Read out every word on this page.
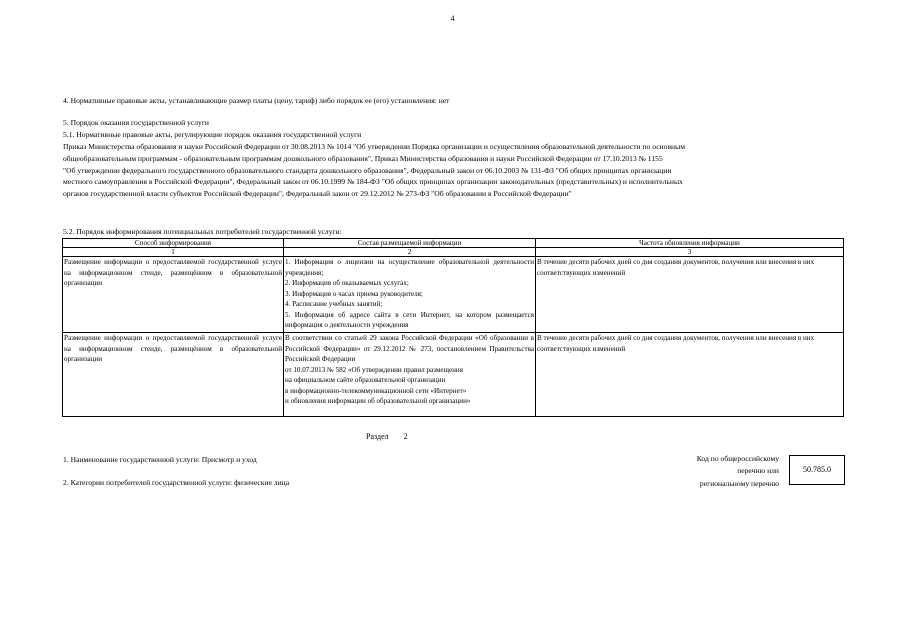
4
4. Нормативные правовые акты, устанавливающие размер платы (цену, тариф) либо порядок ее (его) установления: нет
5. Порядок оказания государственной услуги
5.1. Нормативные правовые акты, регулирующие порядок оказания государственной услуги
Приказ Министерства образования и науки Российской Федерации от 30.08.2013 № 1014 "Об утверждении Порядка организации и осуществления образовательной деятельности по основным
общеобразовательным программам - образовательным программам дошкольного образования", Приказ Министерства образования и науки Российской Федерации от 17.10.2013 № 1155
"Об утверждении федерального государственного образовательного стандарта дошкольного образования", Федеральный закон от 06.10.2003 № 131-ФЗ "Об общих принципах организации
местного самоуправления в Российской Федерации", Федеральный закон от 06.10.1999 № 184-ФЗ "Об общих принципах организации законодательных (представительных) и исполнительных
органов государственной власти субъектов Российской Федерации", Федеральный закон от 29.12.2012 № 273-ФЗ "Об образовании в Российской Федерации"
5.2. Порядок информирования потенциальных потребителей государственной услуги:
Способ информирования	Состав размещаемой информации	Частота обновления информации
1	2	3
Размещение информации о предоставляемой государственной услуге на информационном стенде, размещённом в образовательной организации	1. Информация о лицензии на осуществление образовательной деятельности учреждения;
2. Информация об оказываемых услугах;
3. Информация о часах приема руководителя;
4. Расписание учебных занятий;
5. Информация об адресе сайта в сети Интернет, на котором размещается информация о деятельности учреждения	В течение десяти рабочих дней со дня создания документов, получения или внесения в них соответствующих изменений
Размещение информации о предоставляемой государственной услуге на информационном стенде, размещённом в образовательной организации	В соответствии со статьей 29 закона Российской Федерации «Об образовании в Российской Федерации» от 29.12.2012 № 273, постановлением Правительства Российской Федерации
от 10.07.2013 № 582 «Об утверждении правил размещения
на официальном сайте образовательной организации
в информационно-телекоммуникационной сети «Интернет»
и обновления информации об образовательной организации»	В течение десяти рабочих дней со дня создания документов, получения или внесения в них соответствующих изменений
Раздел 2
1. Наименование государственной услуги: Присмотр и уход
2. Категории потребителей государственной услуги: физические лица
Код по общероссийскому
перечню или
региональному перечню
50.785.0
